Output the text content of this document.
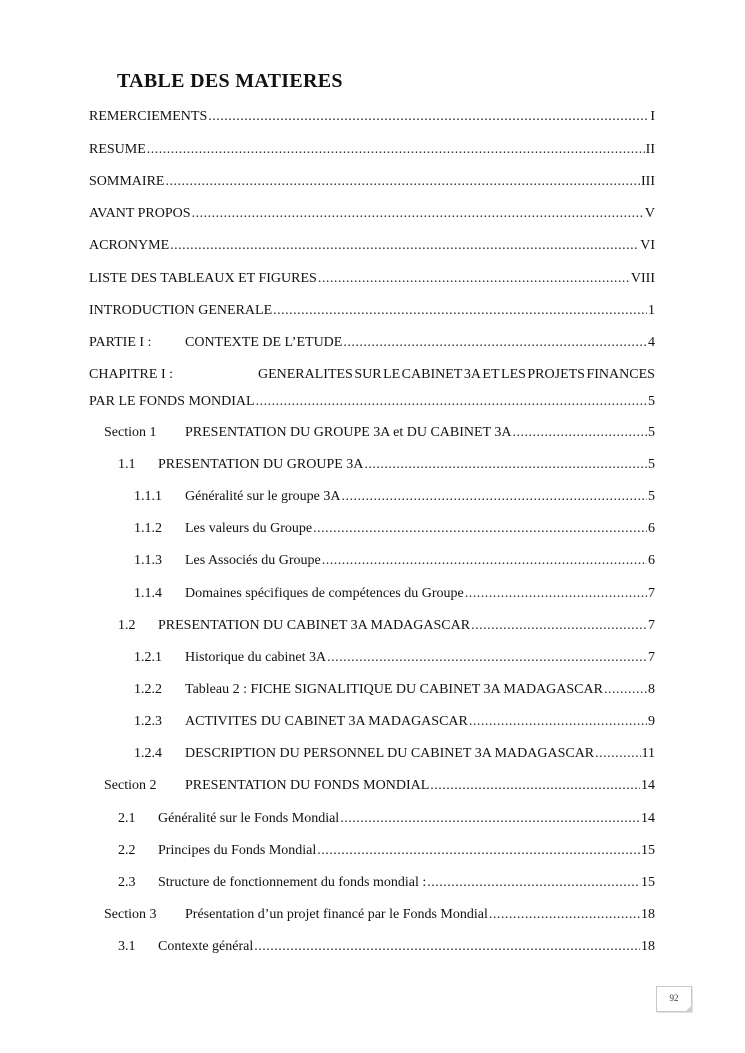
TABLE DES MATIERES
REMERCIEMENTS .....	I
RESUME .....	II
SOMMAIRE .....	III
AVANT PROPOS .....	V
ACRONYME .....	VI
LISTE DES TABLEAUX ET FIGURES .....	VIII
INTRODUCTION GENERALE .....	1
PARTIE I :	CONTEXTE DE L’ETUDE .....	4
CHAPITRE I :	GENERALITES SUR LE CABINET 3A ET LES PROJETS FINANCES
PAR LE FONDS MONDIAL .....	5
Section 1	PRESENTATION DU GROUPE 3A et DU CABINET 3A .....	5
1.1	PRESENTATION DU GROUPE 3A .....	5
1.1.1	Généralité sur le groupe 3A .....	5
1.1.2	Les valeurs du Groupe .....	6
1.1.3	Les Associés du Groupe .....	6
1.1.4	Domaines spécifiques de compétences du Groupe .....	7
1.2	PRESENTATION DU CABINET 3A MADAGASCAR .....	7
1.2.1	Historique du cabinet 3A .....	7
1.2.2	Tableau 2 : FICHE SIGNALITIQUE DU CABINET 3A MADAGASCAR .....	8
1.2.3	ACTIVITES DU CABINET 3A MADAGASCAR .....	9
1.2.4	DESCRIPTION DU PERSONNEL DU CABINET 3A MADAGASCAR .....	11
Section 2	PRESENTATION DU FONDS MONDIAL .....	14
2.1	Généralité sur le Fonds Mondial .....	14
2.2	Principes du Fonds Mondial .....	15
2.3	Structure de fonctionnement du fonds mondial : .....	15
Section 3	Présentation d’un projet financé par le Fonds Mondial .....	18
3.1	Contexte général .....	18
92
